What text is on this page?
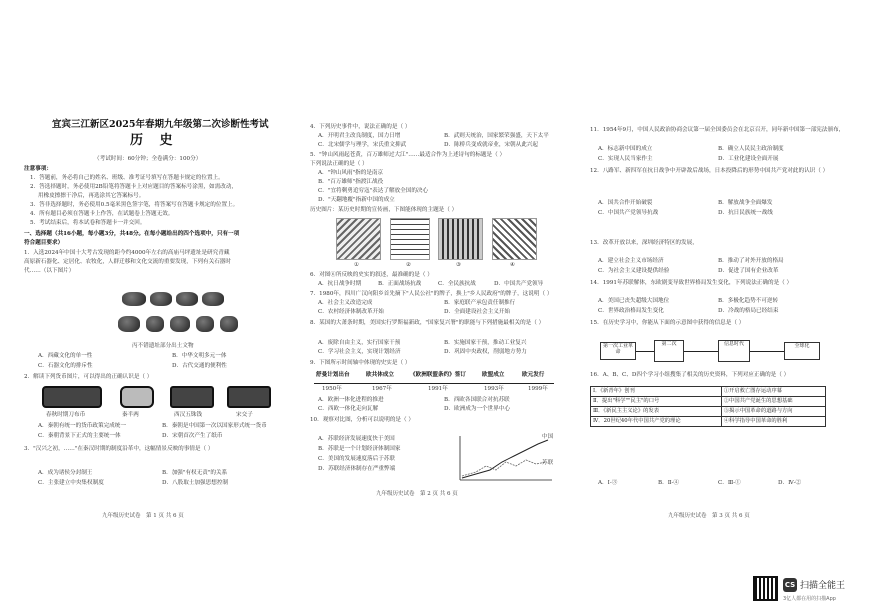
宜宾三江新区2025年春期九年级第二次诊断性考试
历 史
（考试时间：60分钟；全卷满分：100分）
注意事项：
1．答题前，务必将自己的姓名、班级、准考证号填写在答题卡规定的位置上。
2．答选择题时，务必使用2B铅笔将答题卡上对应题目的答案标号涂黑，如需改动，
用橡皮擦擦干净后，再选涂其它答案标号。
3．答非选择题时，务必使用0.5毫米黑色签字笔，将答案写在答题卡规定的位置上。
4．所有题目必须在答题卡上作答，在试题卷上答题无效。
5．考试结束后，将本试卷和答题卡一并交回。
一、选择题（共16小题，每小题3分，共48分。在每小题给出的四个选项中，只有一项
符合题目要求）
1．入选2024年中国十大考古发现的距今约4000年左右的高庙马坪遗址是研究青藏
高原新石器化、定居化、农牧化，人群迁移和文化交流的重要发现，下列有关石器时
代……（以下图片）
丙不错遗址部分出土文物
A．西藏文化的单一性	B．中华文明多元一体
C．石器文化的排斥性	D．古代交通的便利性
2．解读下列货币图片，可以得出的正确认识是（ ）
春秋时期刀布币	秦半两	西汉五铢钱	宋交子
A．秦朝有统一的货币政策完成统一	B．秦朝是中国第一次以国家形式统一货币
C．秦朝背景下正式的主要统一体	D．宋朝首次产生了纸币
3．"汉兴之初，……"在秦汉时期的制度沿革中，这幅情景反映的事情是（ ）
A．成为诸侯分封制王	B．加强"有权无责"的关系
C．主张建立中央集权制度	D．八股取士加强思想控制
九年级历史试卷　第 1 页 共 6 页
4．下列历史事件中，说法正确的是（ ）
A．开明君主改良制度，国力日增	B．武则天统治，国家繁荣强盛，天下太平
C．北宋儒学与理学，宋氏重文抑武	D．陈桥兵变成就帝业，宋朝从此兴起
5．"钟山风雨起苍黄，百万雄师过大江"……最适合作为上述诗句的标题是（ ）
下列说法正确的是（ ）
A．"钟山风雨"指的是南京
B．"百万雄师"指渡江战役
C．"宜将剩勇追穷寇"表达了解放全国的决心
D．"天翻地覆"指新中国的成立
历史图片：某历史时期的宣传画，下图能体现的主题是（ ）
①	②	③	④
6．对图⑥所反映的史实的叙述，最准确的是（ ）
A．抗日战争时期	B．正面战场抗战	C．全民族抗战	D．中国共产党领导
7．1980年，四川广汉向阳乡首先摘下"人民公社"的牌子，换上"乡人民政府"的牌子，这说明（ ）
A．社会主义改造完成	B．家庭联产承包责任制推行
C．农村经济体制改革开始	D．全面建设社会主义开始
8．某国的大萧条时期，美国实行罗斯福新政，"国家复兴署"的职能与下列措施最相关的是（ ）
A．废除自由主义，实行国家干预	B．实施国家干预，推动工业复兴
C．学习社会主义，实现计划经济	D．巩固中央政权，削弱地方势力
9．下图所示时间轴中体现的史实是（ ）
舒曼计划出台	欧共体成立	《欧洲联盟条约》签订	欧盟成立	欧元发行
1950年	1967年	1991年	1993年	1999年
A．欧洲一体化进程的推进	B．西欧各国联合对抗苏联
C．西欧一体化走向瓦解	D．欧洲成为一个世界中心
10．观察对比图，分析可以说明的是（ ）
A．苏联经济发展速度快于美国
B．苏联是一个计划经济体制国家
C．美国的发展速度落后于苏联
D．苏联经济体制存在严重弊端
中国
苏联
九年级历史试卷　第 2 页 共 6 页
11．1954年9月，中国人民政治协商会议第一届全国委员会在北京召开，同年新中国第一部宪法颁布，
A．标志新中国的成立	B．确立人民民主政治制度
C．实现人民当家作主	D．工业化建设全面开展
12．八路军、新四军在抗日战争中开辟敌后战场，日本投降后的形势中国共产党对此的认识（ ）
A．国共合作开始破裂	B．解放战争全面爆发
C．中国共产党领导抗战	D．抗日民族统一战线
13．改革开放以来，深圳经济特区的发展，
A．建立社会主义市场经济	B．推动了对外开放的格局
C．为社会主义建设提供经验	D．促进了国有企业改革
14．1991年苏联解体，东欧剧变导致世界格局发生变化，下列说法正确的是（ ）
A．美国已丧失超级大国地位	B．多极化趋势不可逆转
C．世界政治格局发生变化	D．冷战的格局已经结束
15．在历史学习中，你能从下面的示意图中获得的信息是（ ）
第一次工业革命
第二次	信息时代	全球化
16．A、B、C、D四个学习小组搜集了相关的历史资料，下列对应正确的是（ ）
Ⅰ．《新青年》创刊	①开启救亡图存运动序幕
Ⅱ．提出"科学""民主"的口号	②中国共产党诞生的思想基础
Ⅲ．《新民主主义论》的发表	③揭示中国革命的道路与方向
Ⅳ．20世纪40年代中国共产党的理论	④科学指导中国革命的胜利
A．Ⅰ-③	B．Ⅱ-④	C．Ⅲ-①	D．Ⅳ-②
九年级历史试卷　第 3 页 共 6 页
CS 扫描全能王
3亿人都在用的扫描App
